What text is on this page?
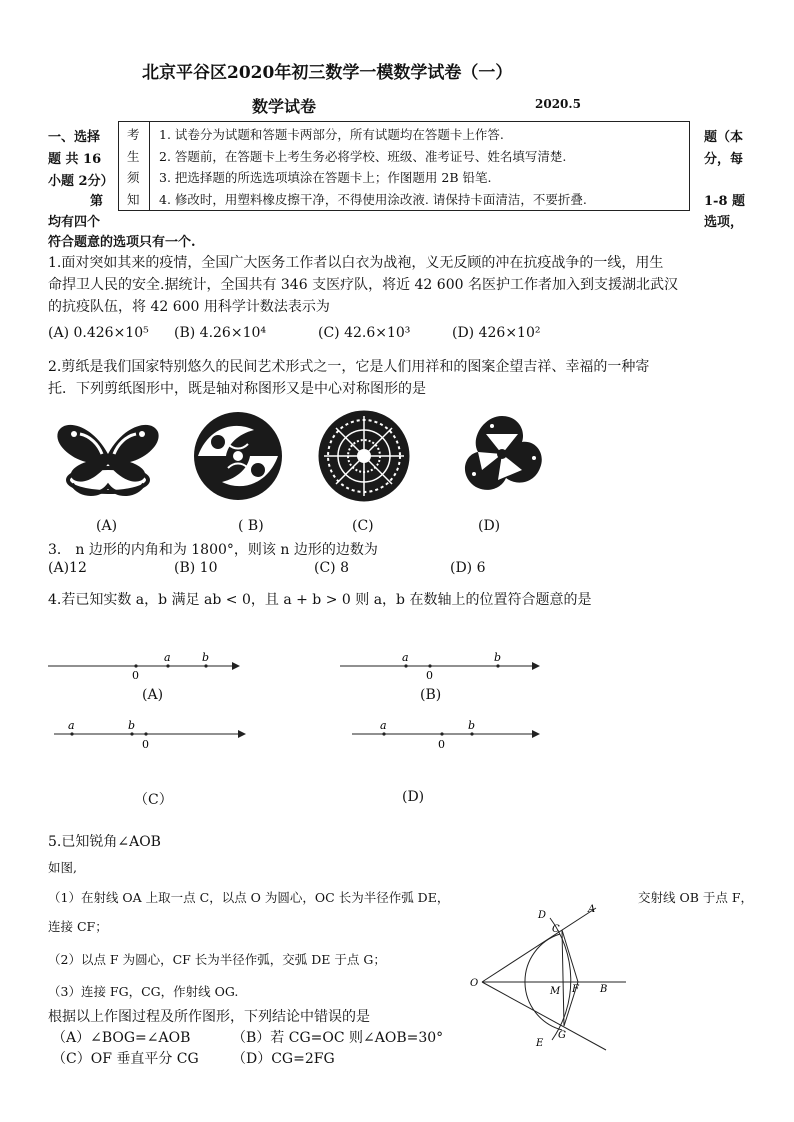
北京平谷区2020年初三数学一模数学试卷（一）
数学试卷	2020.5
一、选择
题 共 16
小题 2分）
第
均有四个
题（本
分，每
1-8 题
选项，
符合题意的选项只有一个.
考
生
须
知
1. 试卷分为试题和答题卡两部分，所有试题均在答题卡上作答.
2. 答题前，在答题卡上考生务必将学校、班级、准考证号、姓名填写清楚.
3. 把选择题的所选选项填涂在答题卡上；作图题用 2B 铅笔.
4. 修改时，用塑料橡皮擦干净，不得使用涂改液. 请保持卡面清洁，不要折叠.
1.面对突如其来的疫情，全国广大医务工作者以白衣为战袍，义无反顾的冲在抗疫战争的一线，用生
命捍卫人民的安全.据统计，全国共有 346 支医疗队，将近 42 600 名医护工作者加入到支援湖北武汉
的抗疫队伍，将 42 600 用科学计数法表示为
(A) 0.426×10⁵ (B) 4.26×10⁴	(C) 42.6×10³	(D) 426×10²
2.剪纸是我们国家特别悠久的民间艺术形式之一，它是人们用祥和的图案企望吉祥、幸福的一种寄
托．下列剪纸图形中，既是轴对称图形又是中心对称图形的是
(A)	( B)	(C)	(D)
3． n 边形的内角和为 1800°，则该 n 边形的边数为
(A)12	(B) 10	(C) 8	(D) 6
4.若已知实数 a，b 满足 ab < 0，且 a + b > 0 则 a，b 在数轴上的位置符合题意的是
a	b
0
a	b
0
(A)	(B)
a	b
0
a	b
0
（C）	(D)
5.已知锐角∠AOB
如图,
（1）在射线 OA 上取一点 C，以点 O 为圆心，OC 长为半径作弧 DE，	交射线 OB 于点 F，
连接 CF；
（2）以点 F 为圆心，CF 长为半径作弧，交弧 DE 于点 G；
（3）连接 FG，CG，作射线 OG.
根据以上作图过程及所作图形，下列结论中错误的是
（A）∠BOG=∠AOB	（B）若 CG=OC 则∠AOB=30°
（C）OF 垂直平分 CG （D）CG=2FG
D
A
C
O
M F B
E
G
